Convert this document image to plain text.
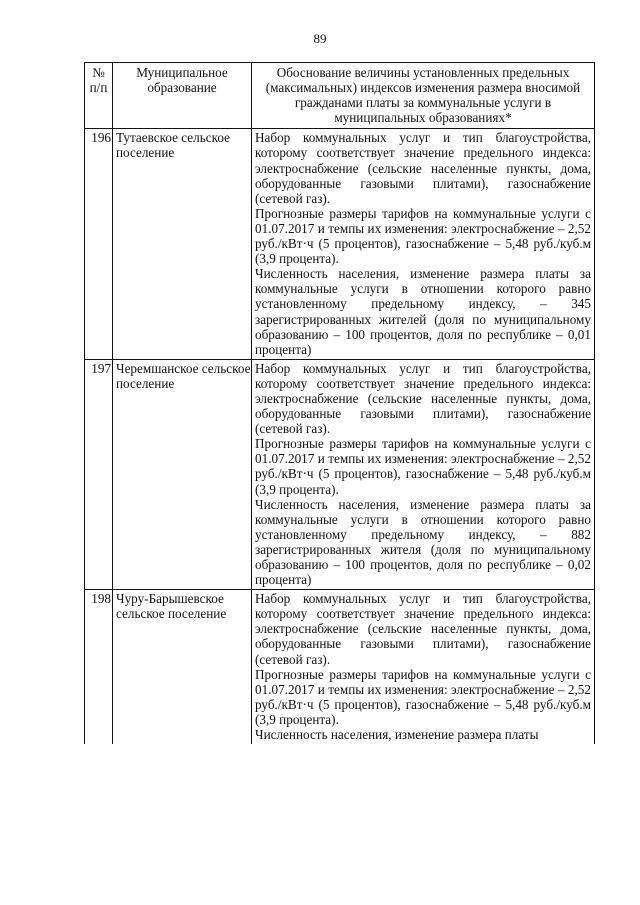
89
№ п/п	Муниципальное образование	Обоснование величины установленных предельных (максимальных) индексов изменения размера вносимой гражданами платы за коммунальные услуги в муниципальных образованиях*
196	Тутаевское сельское поселение	Набор коммунальных услуг и тип благоустройства, которому соответствует значение предельного индекса: электроснабжение (сельские населенные пункты, дома, оборудованные газовыми плитами), газоснабжение (сетевой газ).

Прогнозные размеры тарифов на коммунальные услуги с 01.07.2017 и темпы их изменения: электроснабжение – 2,52 руб./кВт·ч (5 процентов), газоснабжение – 5,48 руб./куб.м (3,9 процента).

Численность населения, изменение размера платы за коммунальные услуги в отношении которого равно установленному предельному индексу, – 345 зарегистрированных жителей (доля по муниципальному образованию – 100 процентов, доля по республике – 0,01 процента)

197	Черемшанское сельское поселение	Набор коммунальных услуг и тип благоустройства, которому соответствует значение предельного индекса: электроснабжение (сельские населенные пункты, дома, оборудованные газовыми плитами), газоснабжение (сетевой газ).

Прогнозные размеры тарифов на коммунальные услуги с 01.07.2017 и темпы их изменения: электроснабжение – 2,52 руб./кВт·ч (5 процентов), газоснабжение – 5,48 руб./куб.м (3,9 процента).

Численность населения, изменение размера платы за коммунальные услуги в отношении которого равно установленному предельному индексу, – 882 зарегистрированных жителя (доля по муниципальному образованию – 100 процентов, доля по республике – 0,02 процента)

198	Чуру-Барышевское сельское поселение	Набор коммунальных услуг и тип благоустройства, которому соответствует значение предельного индекса: электроснабжение (сельские населенные пункты, дома, оборудованные газовыми плитами), газоснабжение (сетевой газ).

Прогнозные размеры тарифов на коммунальные услуги с 01.07.2017 и темпы их изменения: электроснабжение – 2,52 руб./кВт·ч (5 процентов), газоснабжение – 5,48 руб./куб.м (3,9 процента).

Численность населения, изменение размера платы
